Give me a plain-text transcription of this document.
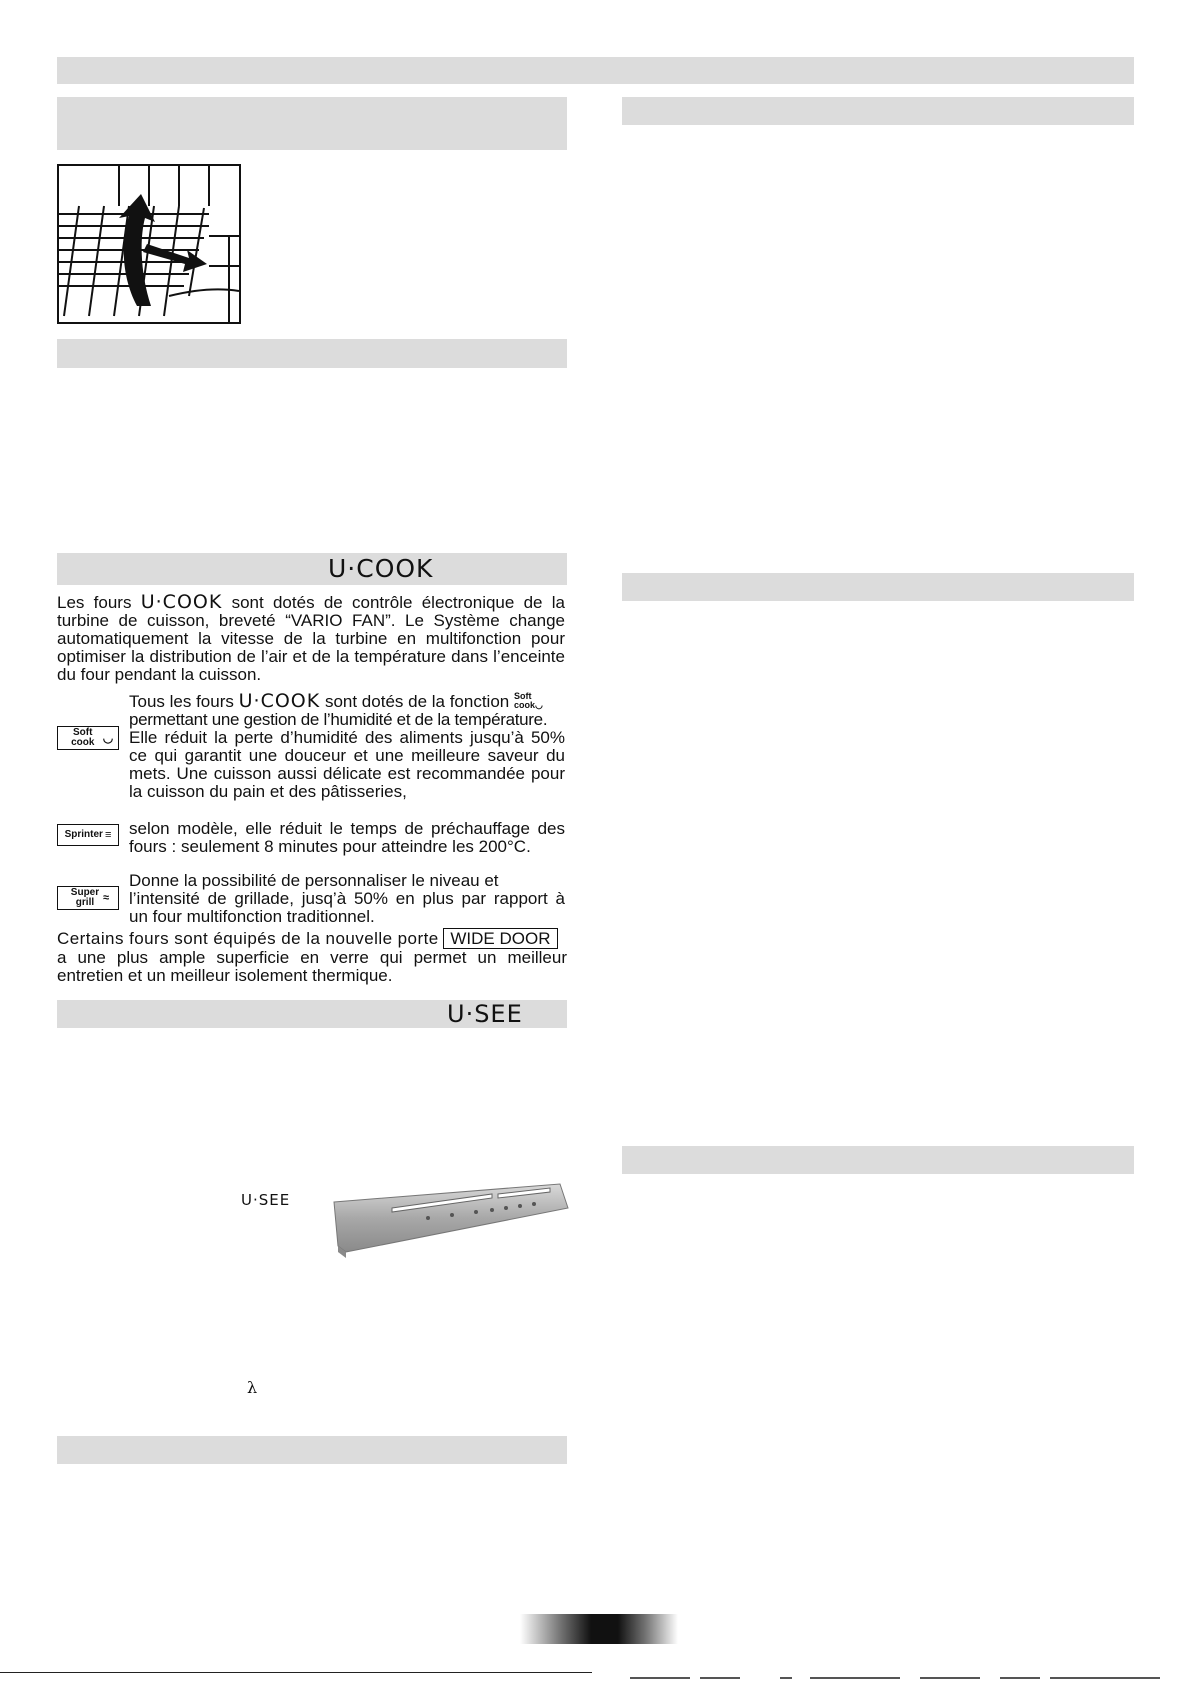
U·COOK
Les fours U·COOK sont dotés de contrôle électronique de la
turbine de cuisson, breveté “VARIO FAN”. Le Système change
automatiquement la vitesse de la turbine en multifonction pour
optimiser la distribution de l’air et de la température dans l’enceinte
du four pendant la cuisson.
Tous les fours U·COOK sont dotés de la fonction Soft
cook◡
permettant une gestion de l’humidité et de la température.
Soft cook ◡ Elle réduit la perte d’humidité des aliments jusqu’à 50%
ce qui garantit une douceur et une meilleure saveur du
mets. Une cuisson aussi délicate est recommandée pour
la cuisson du pain et des pâtisseries,
Sprinter ≡ selon modèle, elle réduit le temps de préchauffage des
fours : seulement 8 minutes pour atteindre les 200°C.
Super grill ≈
Donne la possibilité de personnaliser le niveau et
l’intensité de grillade, jusq’à 50% en plus par rapport à
un four multifonction traditionnel.
Certains fours sont équipés de la nouvelle porte WIDE DOOR
a une plus ample superficie en verre qui permet un meilleur
entretien et un meilleur isolement thermique.
U·SEE
U·SEE
λ
